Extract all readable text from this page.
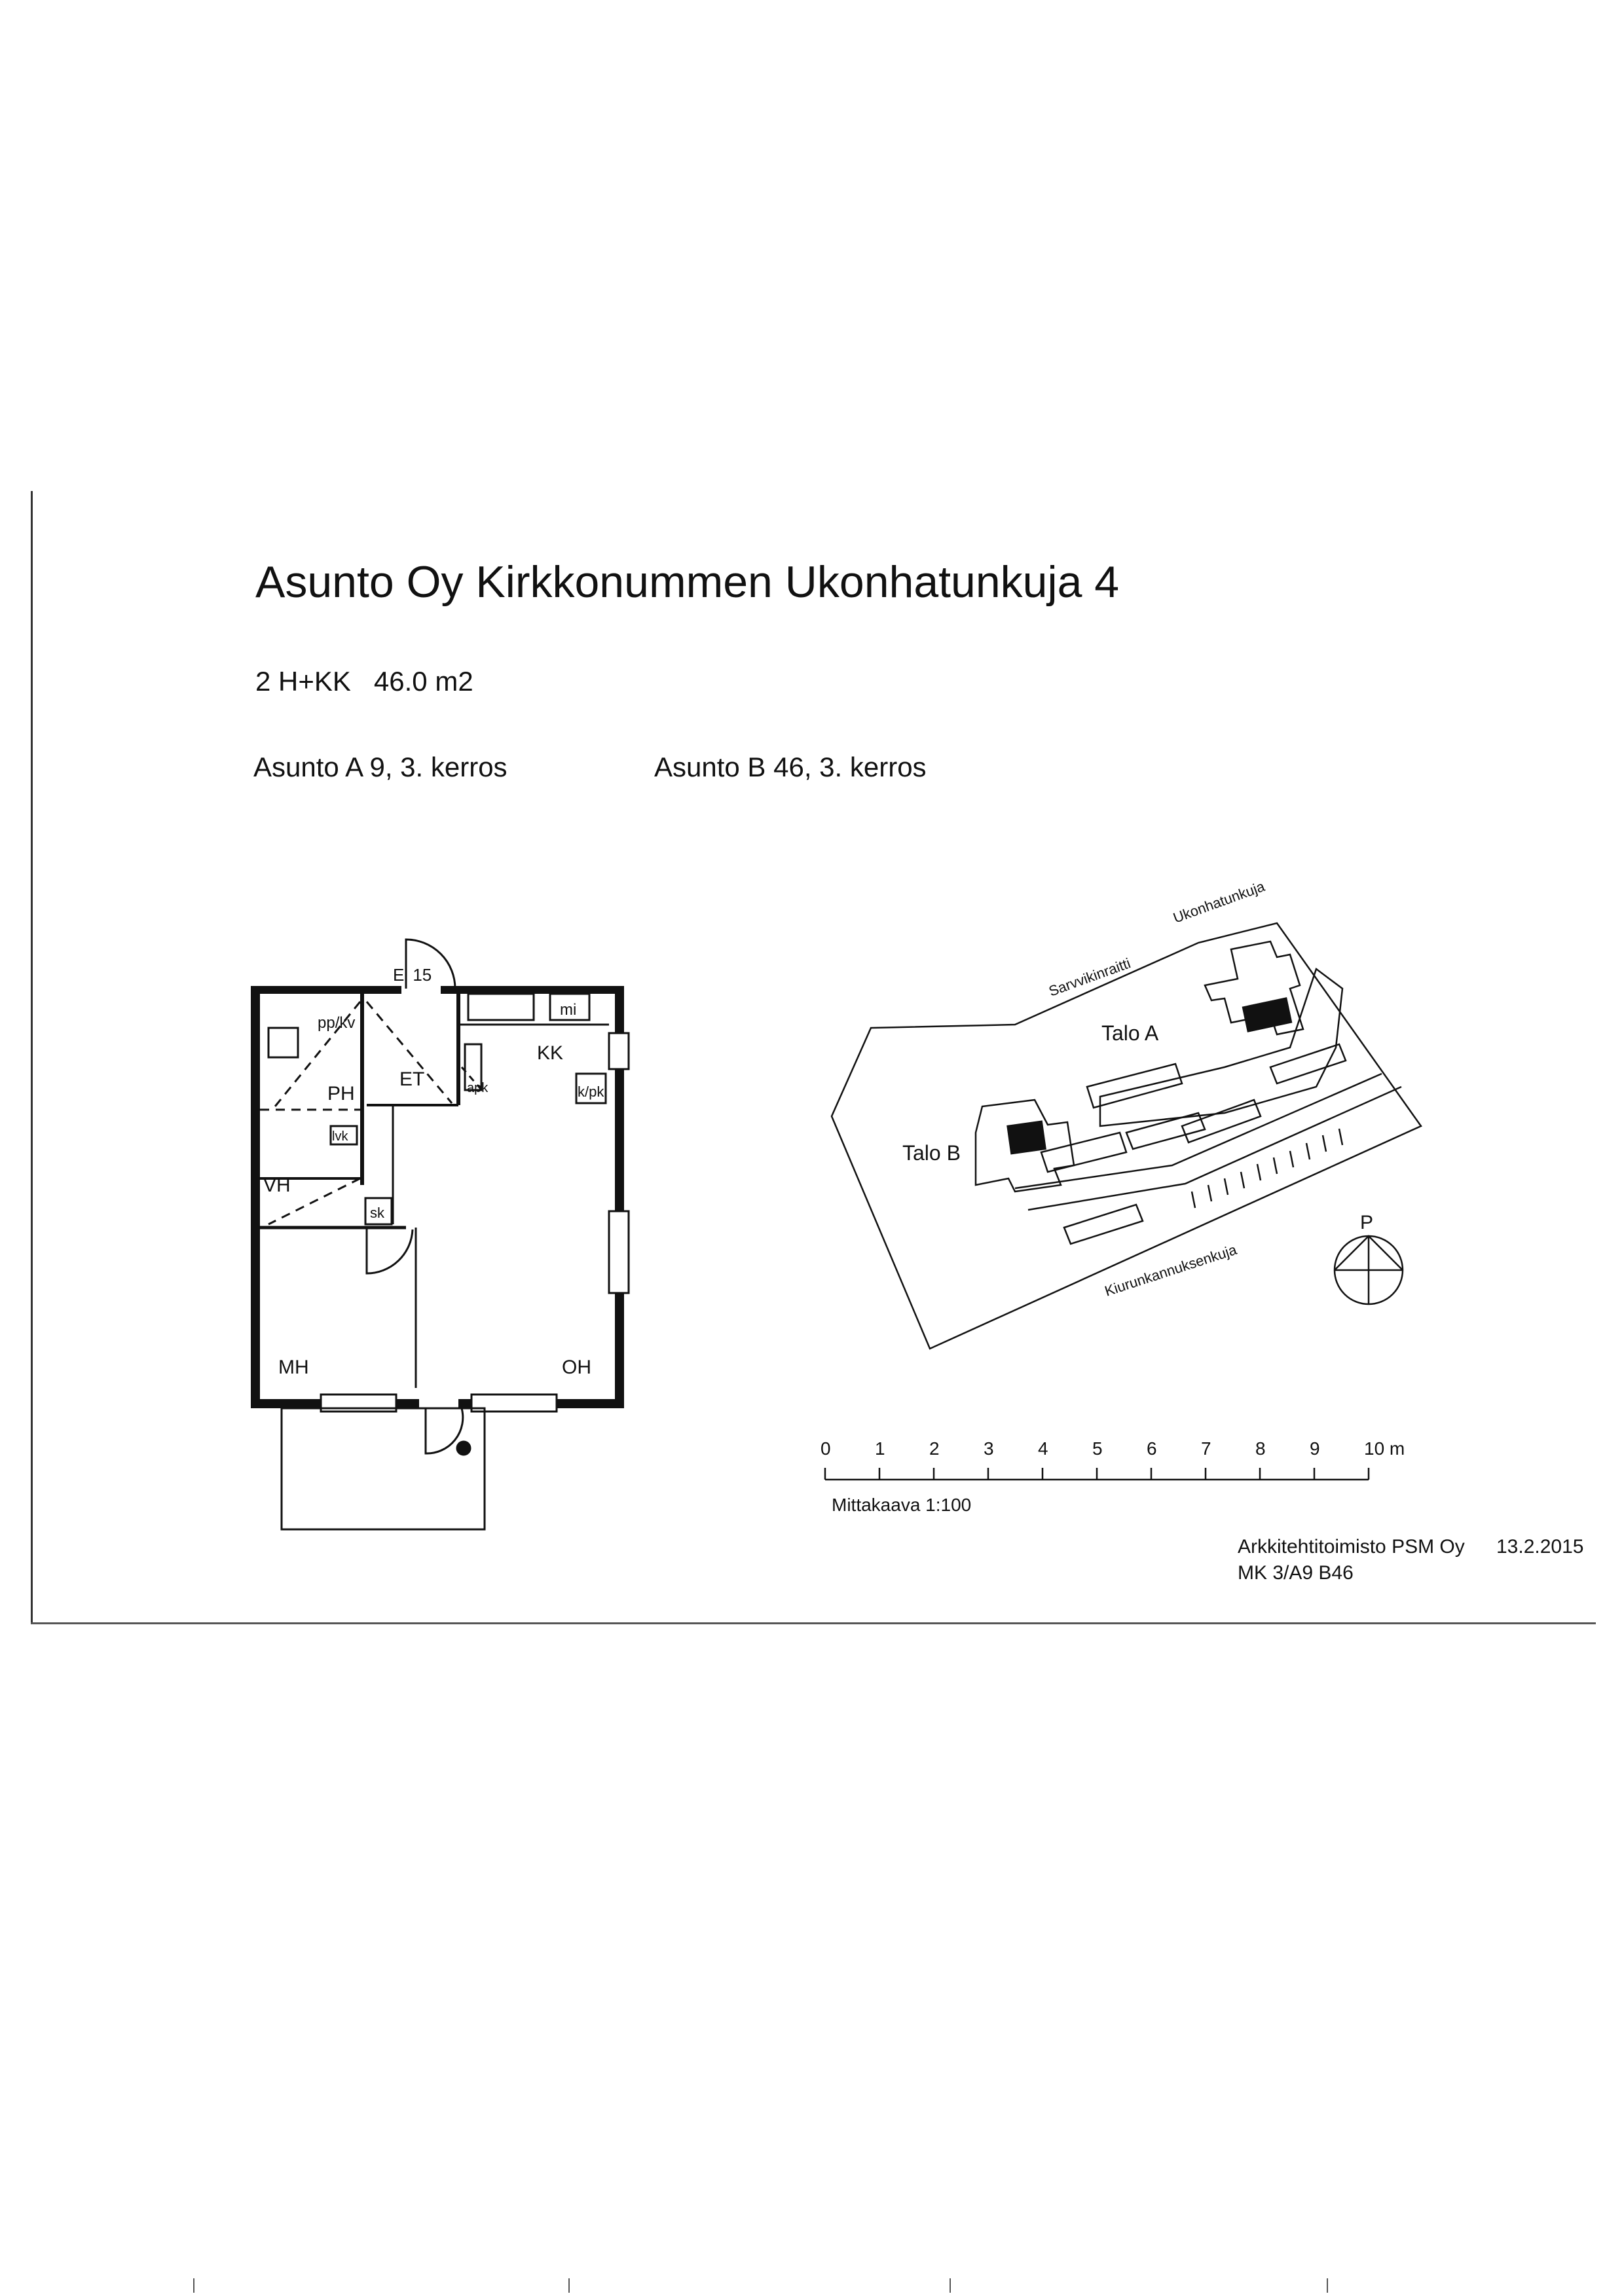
Asunto Oy Kirkkonummen Ukonhatunkuja 4
2 H+KK   46.0 m2
Asunto A 9, 3. kerros	Asunto B 46, 3. kerros
El 15
pp/kv
PH
ET
KK
mi
apk	k/pk
lvk
VH
sk
MH	OH
Ukonhatunkuja
Sarvvikinraitti
Kiurunkannuksenkuja
Talo A
Talo B
P
0 1 2 3 4 5 6 7 8 9 10 m
Mittakaava 1:100
Arkkitehtitoimisto PSM Oy
MK 3/A9 B46
13.2.2015
